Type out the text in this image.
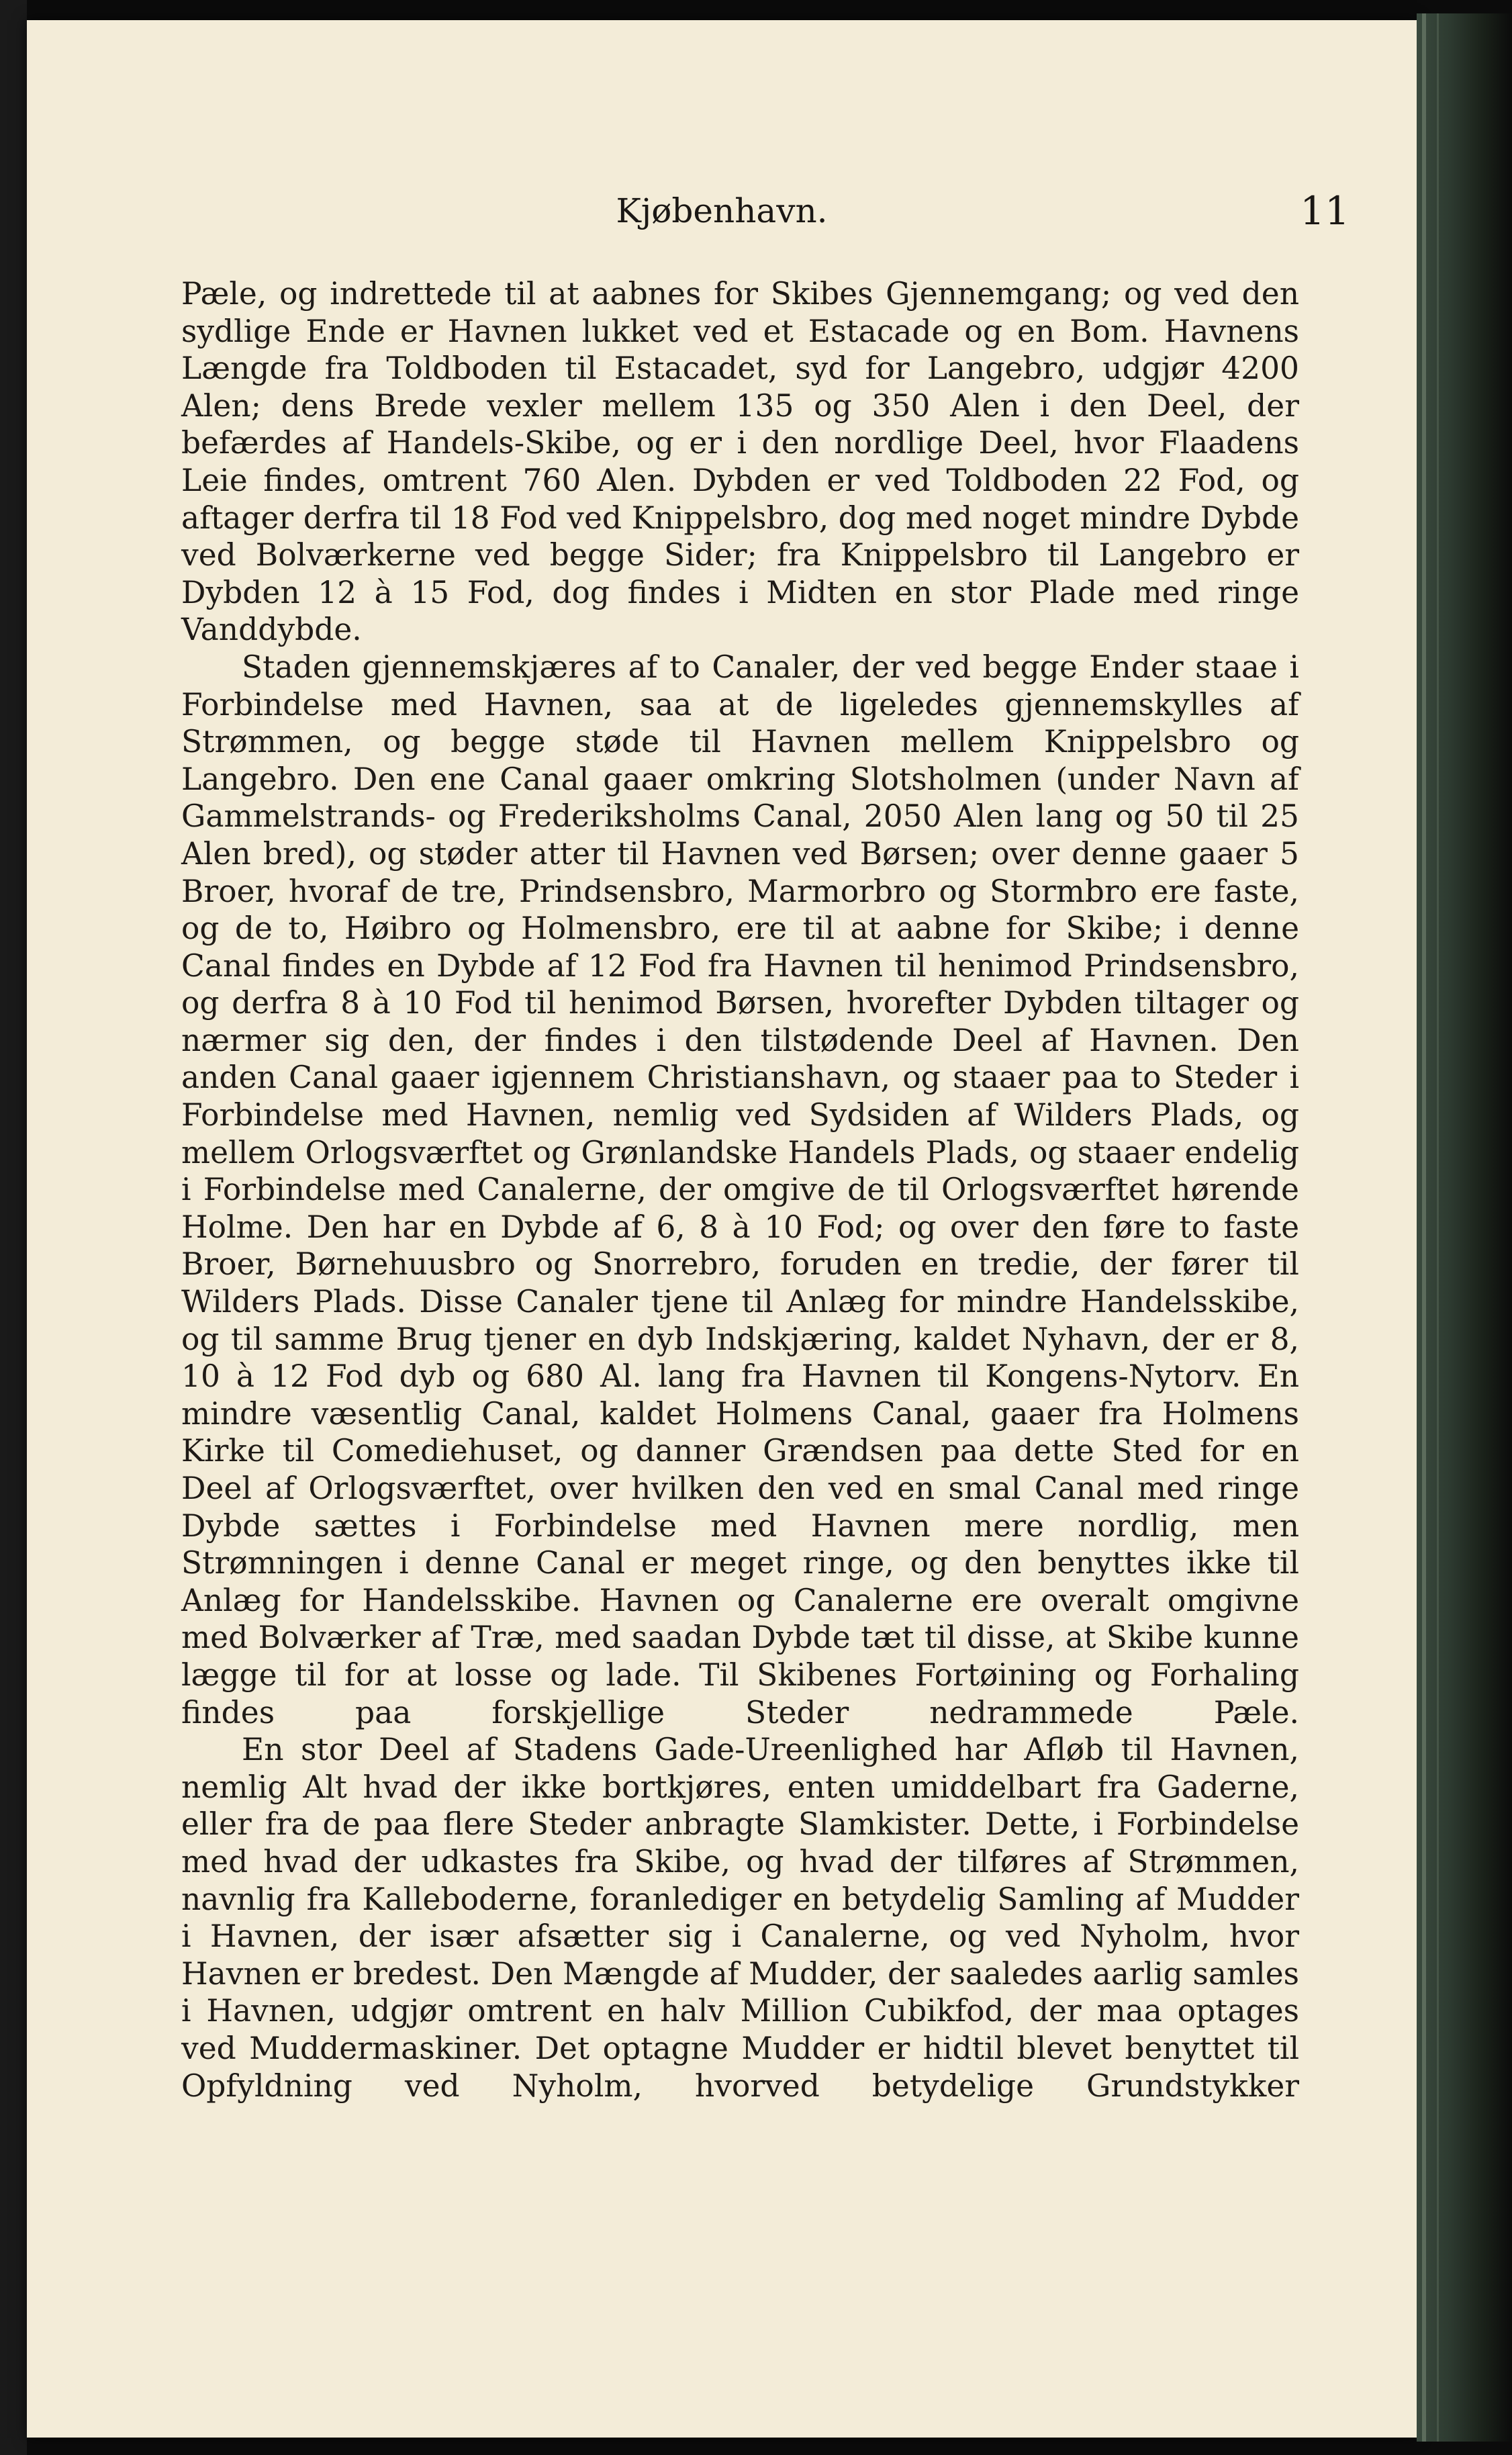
Kjøbenhavn.	11

Pæle, og indrettede til at aabnes for Skibes Gjennemgang; og ved den sydlige Ende er Havnen lukket ved et Estacade og en Bom. Havnens Længde fra Toldboden til Estacadet, syd for Langebro, udgjør 4200 Alen; dens Brede vexler mellem 135 og 350 Alen i den Deel, der befærdes af Handels-Skibe, og er i den nordlige Deel, hvor Flaadens Leie findes, omtrent 760 Alen. Dybden er ved Toldboden 22 Fod, og aftager derfra til 18 Fod ved Knippelsbro, dog med noget mindre Dybde ved Bolværkerne ved begge Sider; fra Knippelsbro til Langebro er Dybden 12 à 15 Fod, dog findes i Midten en stor Plade med ringe Vanddybde.

Staden gjennemskjæres af to Canaler, der ved begge Ender staae i Forbindelse med Havnen, saa at de ligeledes gjennemskylles af Strømmen, og begge støde til Havnen mellem Knippelsbro og Langebro. Den ene Canal gaaer omkring Slotsholmen (under Navn af Gammelstrands- og Frederiksholms Canal, 2050 Alen lang og 50 til 25 Alen bred), og støder atter til Havnen ved Børsen; over denne gaaer 5 Broer, hvoraf de tre, Prindsensbro, Marmorbro og Stormbro ere faste, og de to, Høibro og Holmensbro, ere til at aabne for Skibe; i denne Canal findes en Dybde af 12 Fod fra Havnen til henimod Prindsensbro, og derfra 8 à 10 Fod til henimod Børsen, hvorefter Dybden tiltager og nærmer sig den, der findes i den tilstødende Deel af Havnen. Den anden Canal gaaer igjennem Christianshavn, og staaer paa to Steder i Forbindelse med Havnen, nemlig ved Sydsiden af Wilders Plads, og mellem Orlogsværftet og Grønlandske Handels Plads, og staaer endelig i Forbindelse med Canalerne, der omgive de til Orlogsværftet hørende Holme. Den har en Dybde af 6, 8 à 10 Fod; og over den føre to faste Broer, Børnehuusbro og Snorrebro, foruden en tredie, der fører til Wilders Plads. Disse Canaler tjene til Anlæg for mindre Handelsskibe, og til samme Brug tjener en dyb Indskjæring, kaldet Nyhavn, der er 8, 10 à 12 Fod dyb og 680 Al. lang fra Havnen til Kongens-Nytorv. En mindre væsentlig Canal, kaldet Holmens Canal, gaaer fra Holmens Kirke til Comediehuset, og danner Grændsen paa dette Sted for en Deel af Orlogsværftet, over hvilken den ved en smal Canal med ringe Dybde sættes i Forbindelse med Havnen mere nordlig, men Strømningen i denne Canal er meget ringe, og den benyttes ikke til Anlæg for Handelsskibe. Havnen og Canalerne ere overalt omgivne med Bolværker af Træ, med saadan Dybde tæt til disse, at Skibe kunne lægge til for at losse og lade. Til Skibenes Fortøining og Forhaling findes paa forskjellige Steder nedrammede Pæle.

En stor Deel af Stadens Gade-Ureenlighed har Afløb til Havnen, nemlig Alt hvad der ikke bortkjøres, enten umiddelbart fra Gaderne, eller fra de paa flere Steder anbragte Slamkister. Dette, i Forbindelse med hvad der udkastes fra Skibe, og hvad der tilføres af Strømmen, navnlig fra Kalleboderne, foranlediger en betydelig Samling af Mudder i Havnen, der især afsætter sig i Canalerne, og ved Nyholm, hvor Havnen er bredest. Den Mængde af Mudder, der saaledes aarlig samles i Havnen, udgjør omtrent en halv Million Cubikfod, der maa optages ved Muddermaskiner. Det optagne Mudder er hidtil blevet benyttet til Opfyldning ved Nyholm, hvorved betydelige Grundstykker
